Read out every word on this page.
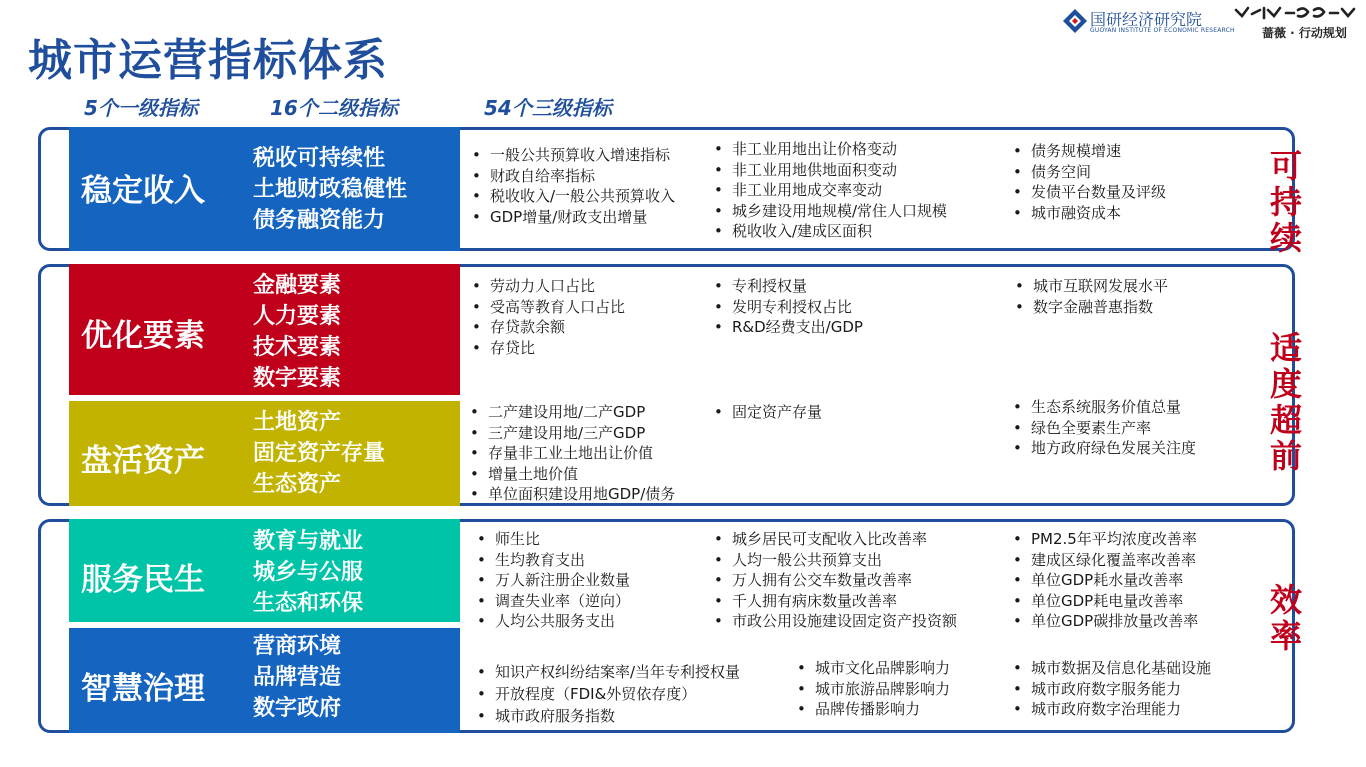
城市运营指标体系
国研经济研究院
GUOYAN INSTITUTE OF ECONOMIC RESEARCH 蔷薇 · 行动规划
5个一级指标	16个二级指标	54个三级指标
稳定收入
税收可持续性
土地财政稳健性
债务融资能力
• 一般公共预算收入增速指标
• 财政自给率指标
• 税收收入/一般公共预算收入
• GDP增量/财政支出增量
• 非工业用地出让价格变动
• 非工业用地供地面积变动
• 非工业用地成交率变动
• 城乡建设用地规模/常住人口规模
• 税收收入/建成区面积
• 债务规模增速
• 债务空间
• 发债平台数量及评级
• 城市融资成本
优化要素
金融要素
人力要素
技术要素
数字要素
• 劳动力人口占比
• 受高等教育人口占比
• 存贷款余额
• 存贷比
• 专利授权量
• 发明专利授权占比
• R&D经费支出/GDP
• 城市互联网发展水平
• 数字金融普惠指数
盘活资产
土地资产
固定资产存量
生态资产
• 二产建设用地/二产GDP
• 三产建设用地/三产GDP
• 存量非工业土地出让价值
• 增量土地价值
• 单位面积建设用地GDP/债务
• 固定资产存量
•	生态系统服务价值总量
• 绿色全要素生产率
• 地方政府绿色发展关注度
服务民生
教育与就业
城乡与公服
生态和环保
• 师生比
• 生均教育支出
• 万人新注册企业数量
• 调查失业率（逆向）
• 人均公共服务支出
• 城乡居民可支配收入比改善率
• 人均一般公共预算支出
• 万人拥有公交车数量改善率
• 千人拥有病床数量改善率
• 市政公用设施建设固定资产投资额
• PM2.5年平均浓度改善率
• 建成区绿化覆盖率改善率
• 单位GDP耗水量改善率
• 单位GDP耗电量改善率
• 单位GDP碳排放量改善率
智慧治理
营商环境
品牌营造
数字政府
• 知识产权纠纷结案率/当年专利授权量
• 开放程度（FDI&外贸依存度）
• 城市政府服务指数
• 城市文化品牌影响力
• 城市旅游品牌影响力
• 品牌传播影响力
• 城市数据及信息化基础设施
• 城市政府数字服务能力
• 城市政府数字治理能力
可
持
续
适
度
超
前
效
率
